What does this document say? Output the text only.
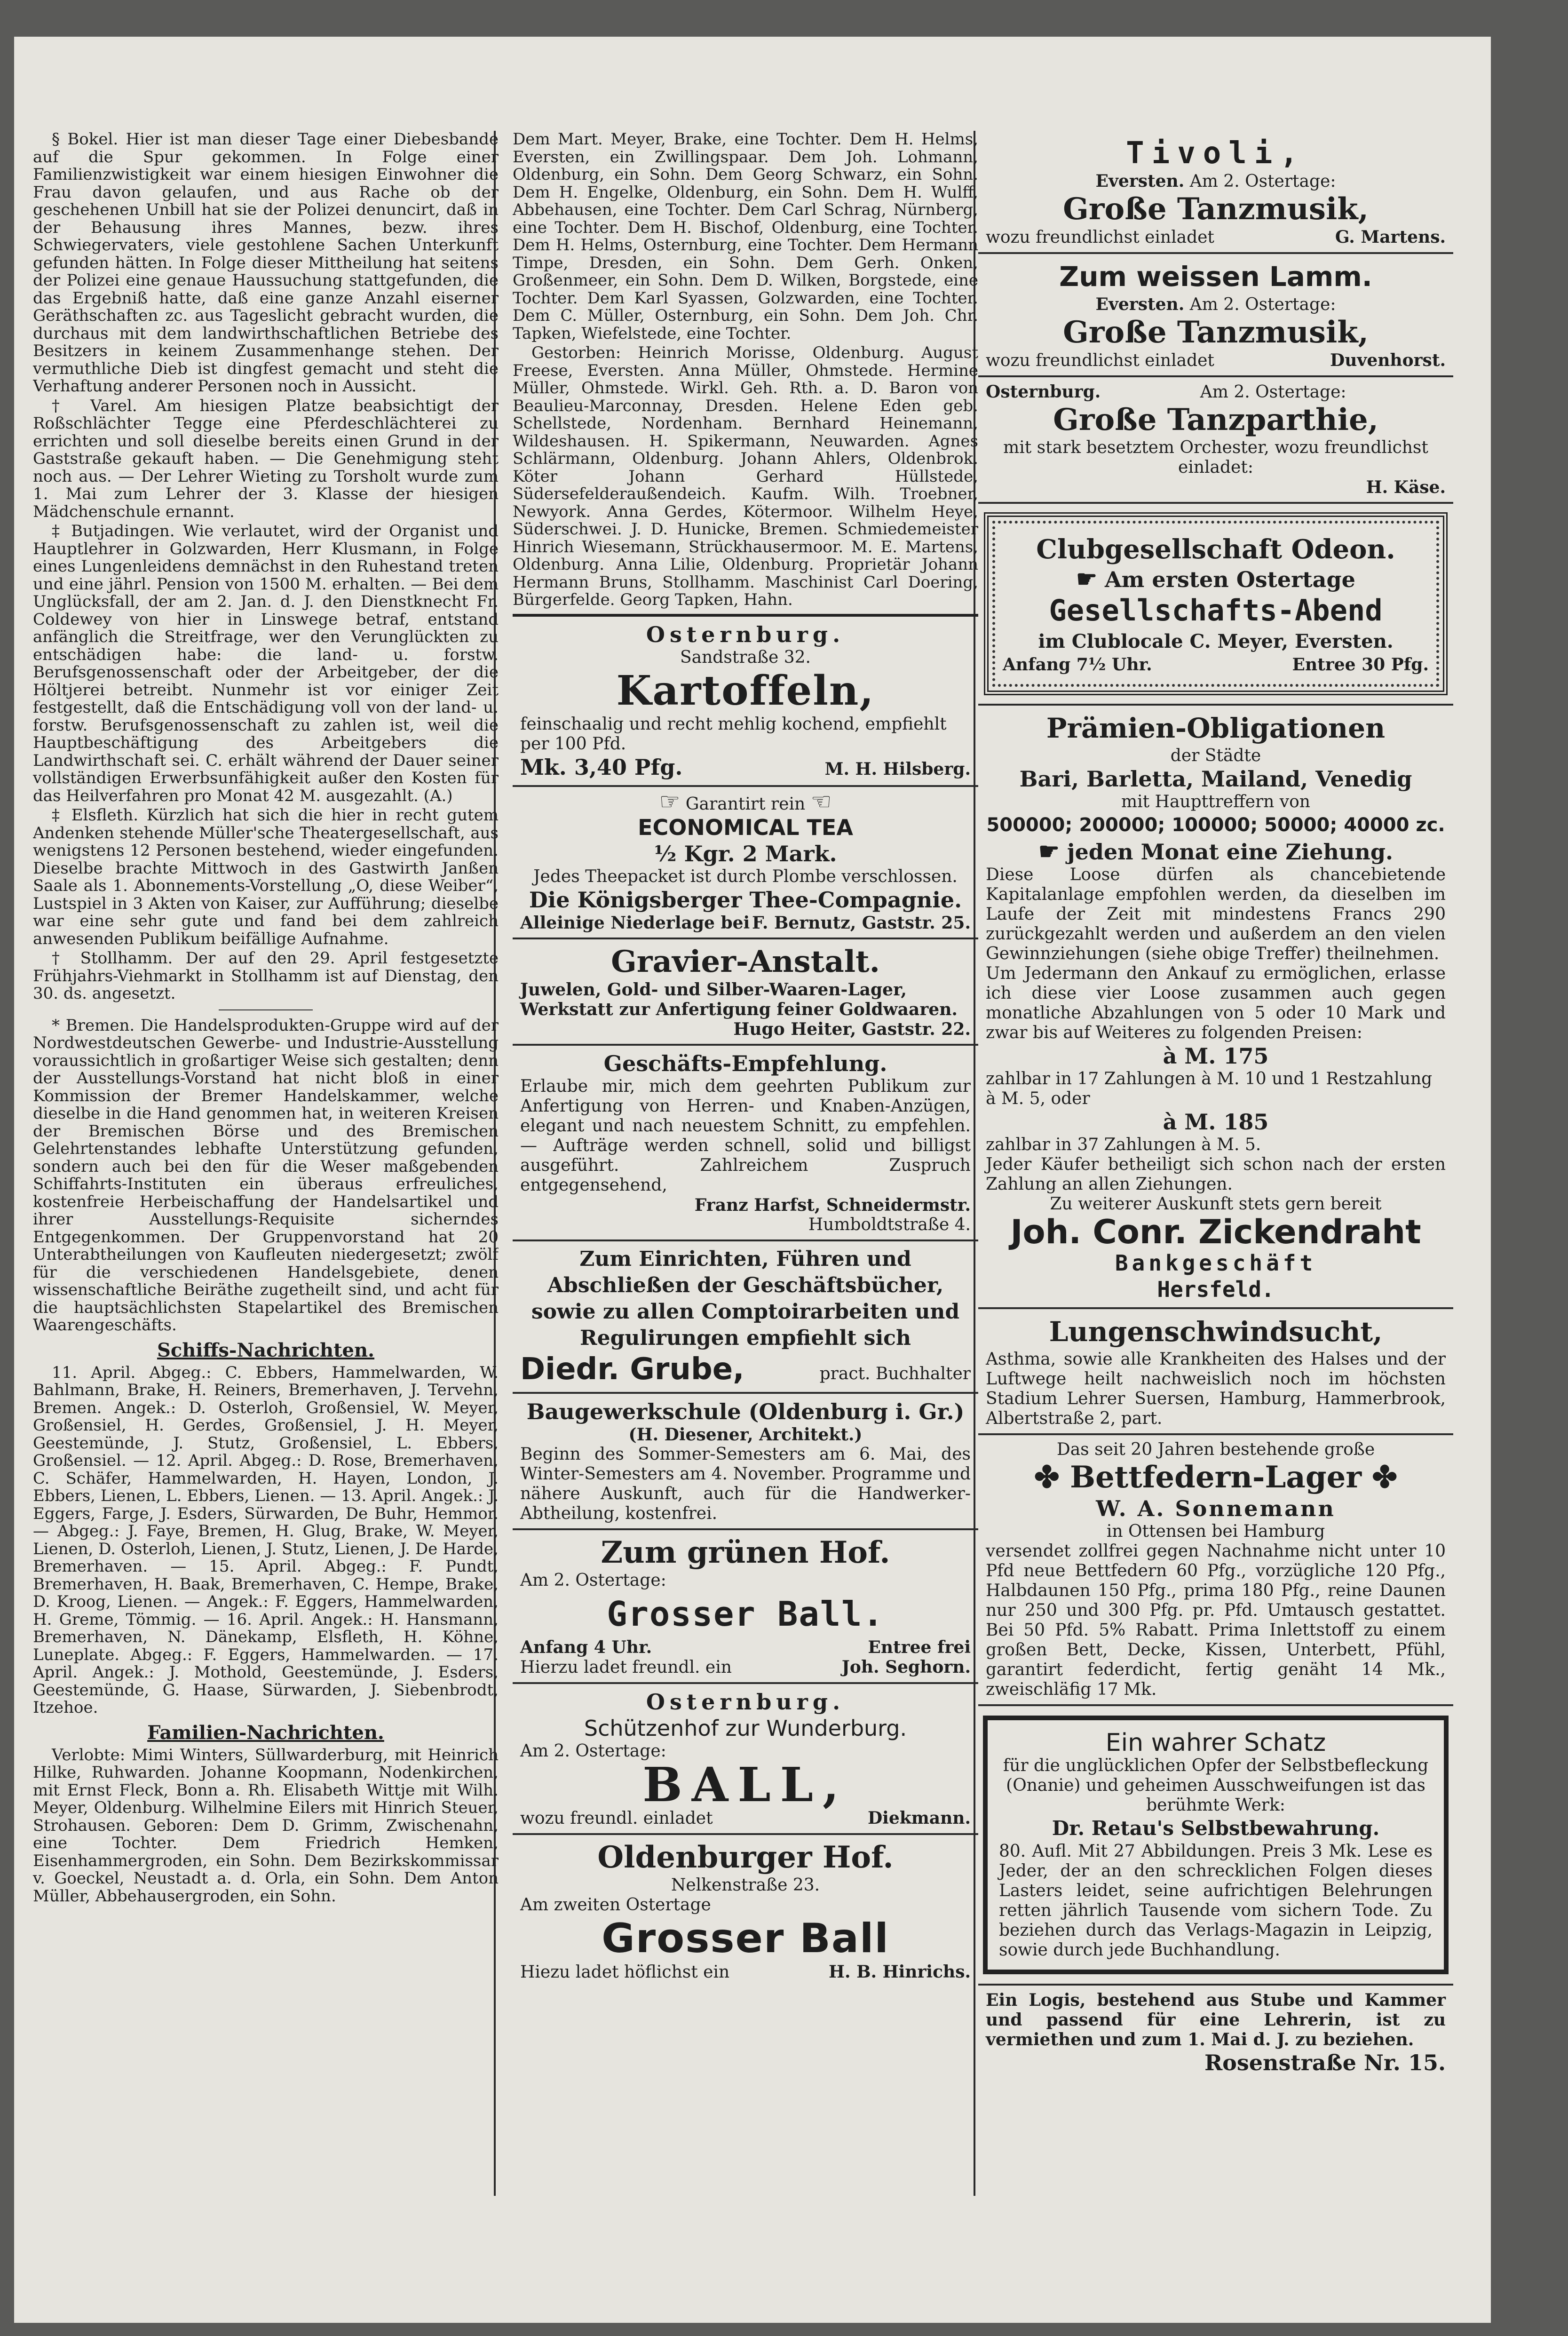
§ Bokel. Hier ist man dieser Tage einer Diebesbande auf die Spur gekommen. In Folge einer Familienzwistigkeit war einem hiesigen Einwohner die Frau davon gelaufen, und aus Rache ob der geschehenen Unbill hat sie der Polizei denuncirt, daß in der Behausung ihres Mannes, bezw. ihres Schwiegervaters, viele gestohlene Sachen Unterkunft gefunden hätten. In Folge dieser Mittheilung hat seitens der Polizei eine genaue Haussuchung stattgefunden, die das Ergebniß hatte, daß eine ganze Anzahl eiserner Geräthschaften zc. aus Tageslicht gebracht wurden, die durchaus mit dem landwirthschaftlichen Betriebe des Besitzers in keinem Zusammenhange stehen. Der vermuthliche Dieb ist dingfest gemacht und steht die Verhaftung anderer Personen noch in Aussicht.

† Varel. Am hiesigen Platze beabsichtigt der Roßschlächter Tegge eine Pferdeschlächterei zu errichten und soll dieselbe bereits einen Grund in der Gaststraße gekauft haben. — Die Genehmigung steht noch aus. — Der Lehrer Wieting zu Torsholt wurde zum 1. Mai zum Lehrer der 3. Klasse der hiesigen Mädchenschule ernannt.

‡ Butjadingen. Wie verlautet, wird der Organist und Hauptlehrer in Golzwarden, Herr Klusmann, in Folge eines Lungenleidens demnächst in den Ruhestand treten und eine jährl. Pension von 1500 M. erhalten. — Bei dem Unglücksfall, der am 2. Jan. d. J. den Dienstknecht Fr. Coldewey von hier in Linswege betraf, entstand anfänglich die Streitfrage, wer den Verunglückten zu entschädigen habe: die land- u. forstw. Berufsgenossenschaft oder der Arbeitgeber, der die Höltjerei betreibt. Nunmehr ist vor einiger Zeit festgestellt, daß die Entschädigung voll von der land- u. forstw. Berufsgenossenschaft zu zahlen ist, weil die Hauptbeschäftigung des Arbeitgebers die Landwirthschaft sei. C. erhält während der Dauer seiner vollständigen Erwerbsunfähigkeit außer den Kosten für das Heilverfahren pro Monat 42 M. ausgezahlt. (A.)

‡ Elsfleth. Kürzlich hat sich die hier in recht gutem Andenken stehende Müller'sche Theatergesellschaft, aus wenigstens 12 Personen bestehend, wieder eingefunden. Dieselbe brachte Mittwoch in des Gastwirth Janßen Saale als 1. Abonnements-Vorstellung „O, diese Weiber“, Lustspiel in 3 Akten von Kaiser, zur Aufführung; dieselbe war eine sehr gute und fand bei dem zahlreich anwesenden Publikum beifällige Aufnahme.

† Stollhamm. Der auf den 29. April festgesetzte Frühjahrs-Viehmarkt in Stollhamm ist auf Dienstag, den 30. ds. angesetzt.

* Bremen. Die Handelsprodukten-Gruppe wird auf der Nordwestdeutschen Gewerbe- und Industrie-Ausstellung voraussichtlich in großartiger Weise sich gestalten; denn der Ausstellungs-Vorstand hat nicht bloß in einer Kommission der Bremer Handelskammer, welche dieselbe in die Hand genommen hat, in weiteren Kreisen der Bremischen Börse und des Bremischen Gelehrtenstandes lebhafte Unterstützung gefunden, sondern auch bei den für die Weser maßgebenden Schiffahrts-Instituten ein überaus erfreuliches, kostenfreie Herbeischaffung der Handelsartikel und ihrer Ausstellungs-Requisite sicherndes Entgegenkommen. Der Gruppenvorstand hat 20 Unterabtheilungen von Kaufleuten niedergesetzt; zwölf für die verschiedenen Handelsgebiete, denen wissenschaftliche Beiräthe zugetheilt sind, und acht für die hauptsächlichsten Stapelartikel des Bremischen Waarengeschäfts.

Schiffs-Nachrichten.

11. April. Abgeg.: C. Ebbers, Hammelwarden, W. Bahlmann, Brake, H. Reiners, Bremerhaven, J. Tervehn, Bremen. Angek.: D. Osterloh, Großensiel, W. Meyer, Großensiel, H. Gerdes, Großensiel, J. H. Meyer, Geestemünde, J. Stutz, Großensiel, L. Ebbers, Großensiel. — 12. April. Abgeg.: D. Rose, Bremerhaven, C. Schäfer, Hammelwarden, H. Hayen, London, J. Ebbers, Lienen, L. Ebbers, Lienen. — 13. April. Angek.: J. Eggers, Farge, J. Esders, Sürwarden, De Buhr, Hemmor. — Abgeg.: J. Faye, Bremen, H. Glug, Brake, W. Meyer, Lienen, D. Osterloh, Lienen, J. Stutz, Lienen, J. De Harde, Bremerhaven. — 15. April. Abgeg.: F. Pundt, Bremerhaven, H. Baak, Bremerhaven, C. Hempe, Brake, D. Kroog, Lienen. — Angek.: F. Eggers, Hammelwarden, H. Greme, Tömmig. — 16. April. Angek.: H. Hansmann, Bremerhaven, N. Dänekamp, Elsfleth, H. Köhne, Luneplate. Abgeg.: F. Eggers, Hammelwarden. — 17. April. Angek.: J. Mothold, Geestemünde, J. Esders, Geestemünde, G. Haase, Sürwarden, J. Siebenbrodt, Itzehoe.

Familien-Nachrichten.

Verlobte: Mimi Winters, Süllwarderburg, mit Heinrich Hilke, Ruhwarden. Johanne Koopmann, Nodenkirchen, mit Ernst Fleck, Bonn a. Rh. Elisabeth Wittje mit Wilh. Meyer, Oldenburg. Wilhelmine Eilers mit Hinrich Steuer, Strohausen. Geboren: Dem D. Grimm, Zwischenahn, eine Tochter. Dem Friedrich Hemken, Eisenhammergroden, ein Sohn. Dem Bezirkskommissar v. Goeckel, Neustadt a. d. Orla, ein Sohn. Dem Anton Müller, Abbehausergroden, ein Sohn.

Dem Mart. Meyer, Brake, eine Tochter. Dem H. Helms, Eversten, ein Zwillingspaar. Dem Joh. Lohmann, Oldenburg, ein Sohn. Dem Georg Schwarz, ein Sohn. Dem H. Engelke, Oldenburg, ein Sohn. Dem H. Wulff, Abbehausen, eine Tochter. Dem Carl Schrag, Nürnberg, eine Tochter. Dem H. Bischof, Oldenburg, eine Tochter. Dem H. Helms, Osternburg, eine Tochter. Dem Hermann Timpe, Dresden, ein Sohn. Dem Gerh. Onken, Großenmeer, ein Sohn. Dem D. Wilken, Borgstede, eine Tochter. Dem Karl Syassen, Golzwarden, eine Tochter. Dem C. Müller, Osternburg, ein Sohn. Dem Joh. Chr. Tapken, Wiefelstede, eine Tochter.

Gestorben: Heinrich Morisse, Oldenburg. August Freese, Eversten. Anna Müller, Ohmstede. Hermine Müller, Ohmstede. Wirkl. Geh. Rth. a. D. Baron von Beaulieu-Marconnay, Dresden. Helene Eden geb. Schellstede, Nordenham. Bernhard Heinemann, Wildeshausen. H. Spikermann, Neuwarden. Agnes Schlärmann, Oldenburg. Johann Ahlers, Oldenbrok. Köter Johann Gerhard Hüllstede, Südersefelderaußendeich. Kaufm. Wilh. Troebner, Newyork. Anna Gerdes, Kötermoor. Wilhelm Heye, Süderschwei. J. D. Hunicke, Bremen. Schmiedemeister Hinrich Wiesemann, Strückhausermoor. M. E. Martens, Oldenburg. Anna Lilie, Oldenburg. Proprietär Johann Hermann Bruns, Stollhamm. Maschinist Carl Doering, Bürgerfelde. Georg Tapken, Hahn.

Osternburg.
Sandstraße 32.
Kartoffeln,
feinschaalig und recht mehlig kochend, empfiehlt per 100 Pfd.
Mk. 3,40 Pfg.	M. H. Hilsberg.
☞ Garantirt rein ☜
ECONOMICAL TEA
½ Kgr. 2 Mark.
Jedes Theepacket ist durch Plombe verschlossen.
Die Königsberger Thee-Compagnie.
Alleinige Niederlage bei F. Bernutz, Gaststr. 25.
Gravier-Anstalt.
Juwelen, Gold- und Silber-Waaren-Lager, Werkstatt zur Anfertigung feiner Goldwaaren.
Hugo Heiter, Gaststr. 22.
Geschäfts-Empfehlung.
Erlaube mir, mich dem geehrten Publikum zur Anfertigung von Herren- und Knaben-Anzügen, elegant und nach neuestem Schnitt, zu empfehlen. — Aufträge werden schnell, solid und billigst ausgeführt. Zahlreichem Zuspruch entgegensehend,
Franz Harfst, Schneidermstr.
Humboldtstraße 4.
Zum Einrichten, Führen und Abschließen der Geschäftsbücher, sowie zu allen Comptoirarbeiten und Regulirungen empfiehlt sich
Diedr. Grube,	pract. Buchhalter
Baugewerkschule (Oldenburg i. Gr.)
(H. Diesener, Architekt.)
Beginn des Sommer-Semesters am 6. Mai, des Winter-Semesters am 4. November. Programme und nähere Auskunft, auch für die Handwerker-Abtheilung, kostenfrei.
Zum grünen Hof.
Am 2. Ostertage:
Grosser Ball.
Anfang 4 Uhr.	Entree frei
Hierzu ladet freundl. ein	Joh. Seghorn.
Osternburg.
Schützenhof zur Wunderburg.
Am 2. Ostertage:
BALL,
wozu freundl. einladet	Diekmann.
Oldenburger Hof.
Nelkenstraße 23.
Am zweiten Ostertage
Grosser Ball
Hiezu ladet höflichst ein	H. B. Hinrichs.
Tivoli,
Eversten. Am 2. Ostertage:
Große Tanzmusik,
wozu freundlichst einladet	G. Martens.
Zum weissen Lamm.
Eversten. Am 2. Ostertage:
Große Tanzmusik,
wozu freundlichst einladet	Duvenhorst.
Osternburg.	Am 2. Ostertage:
Große Tanzparthie,
mit stark besetztem Orchester, wozu freundlichst einladet:
H. Käse.
Clubgesellschaft Odeon.
☛ Am ersten Ostertage
Gesellschafts-Abend
im Clublocale C. Meyer, Eversten.
Anfang 7½ Uhr.	Entree 30 Pfg.
Prämien-Obligationen
der Städte
Bari, Barletta, Mailand, Venedig
mit Haupttreffern von
500000; 200000; 100000; 50000; 40000 zc.
☛ jeden Monat eine Ziehung.
Diese Loose dürfen als chancebietende Kapitalanlage empfohlen werden, da dieselben im Laufe der Zeit mit mindestens Francs 290 zurückgezahlt werden und außerdem an den vielen Gewinnziehungen (siehe obige Treffer) theilnehmen.
Um Jedermann den Ankauf zu ermöglichen, erlasse ich diese vier Loose zusammen auch gegen monatliche Abzahlungen von 5 oder 10 Mark und zwar bis auf Weiteres zu folgenden Preisen:
à M. 175
zahlbar in 17 Zahlungen à M. 10 und 1 Restzahlung à M. 5, oder
à M. 185
zahlbar in 37 Zahlungen à M. 5.
Jeder Käufer betheiligt sich schon nach der ersten Zahlung an allen Ziehungen.
Zu weiterer Auskunft stets gern bereit
Joh. Conr. Zickendraht
Bankgeschäft
Hersfeld.
Lungenschwindsucht,
Asthma, sowie alle Krankheiten des Halses und der Luftwege heilt nachweislich noch im höchsten Stadium Lehrer Suersen, Hamburg, Hammerbrook, Albertstraße 2, part.
Das seit 20 Jahren bestehende große
✤ Bettfedern-Lager ✤
W. A. Sonnemann
in Ottensen bei Hamburg
versendet zollfrei gegen Nachnahme nicht unter 10 Pfd neue Bettfedern 60 Pfg., vorzügliche 120 Pfg., Halbdaunen 150 Pfg., prima 180 Pfg., reine Daunen nur 250 und 300 Pfg. pr. Pfd. Umtausch gestattet. Bei 50 Pfd. 5% Rabatt. Prima Inlettstoff zu einem großen Bett, Decke, Kissen, Unterbett, Pfühl, garantirt federdicht, fertig genäht 14 Mk., zweischläfig 17 Mk.
Ein wahrer Schatz
für die unglücklichen Opfer der Selbstbefleckung (Onanie) und geheimen Ausschweifungen ist das berühmte Werk:
Dr. Retau's Selbstbewahrung.
80. Aufl. Mit 27 Abbildungen. Preis 3 Mk. Lese es Jeder, der an den schrecklichen Folgen dieses Lasters leidet, seine aufrichtigen Belehrungen retten jährlich Tausende vom sichern Tode. Zu beziehen durch das Verlags-Magazin in Leipzig, sowie durch jede Buchhandlung.
Ein Logis, bestehend aus Stube und Kammer und passend für eine Lehrerin, ist zu vermiethen und zum 1. Mai d. J. zu beziehen.
Rosenstraße Nr. 15.
